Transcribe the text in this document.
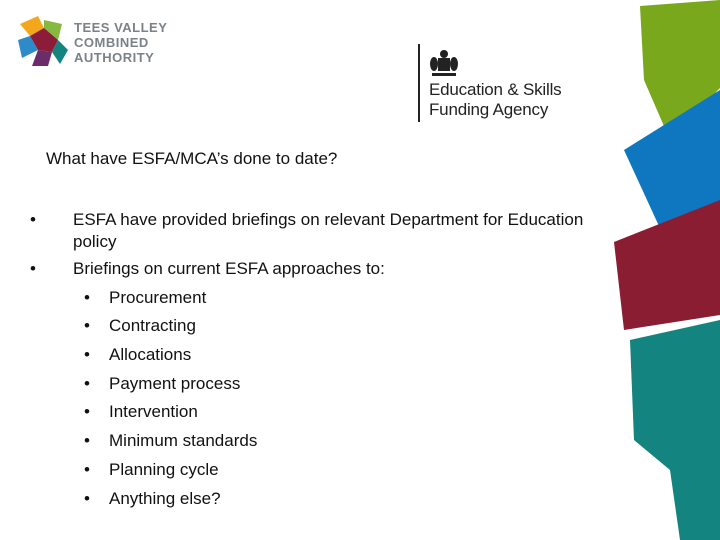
TEES VALLEY
COMBINED
AUTHORITY
Education & Skills
Funding Agency
What have ESFA/MCA’s done to date?
• ESFA have provided briefings on relevant Department for Education policy
• Briefings on current ESFA approaches to:
• Procurement
• Contracting
• Allocations
• Payment process
• Intervention
• Minimum standards
• Planning cycle
• Anything else?
